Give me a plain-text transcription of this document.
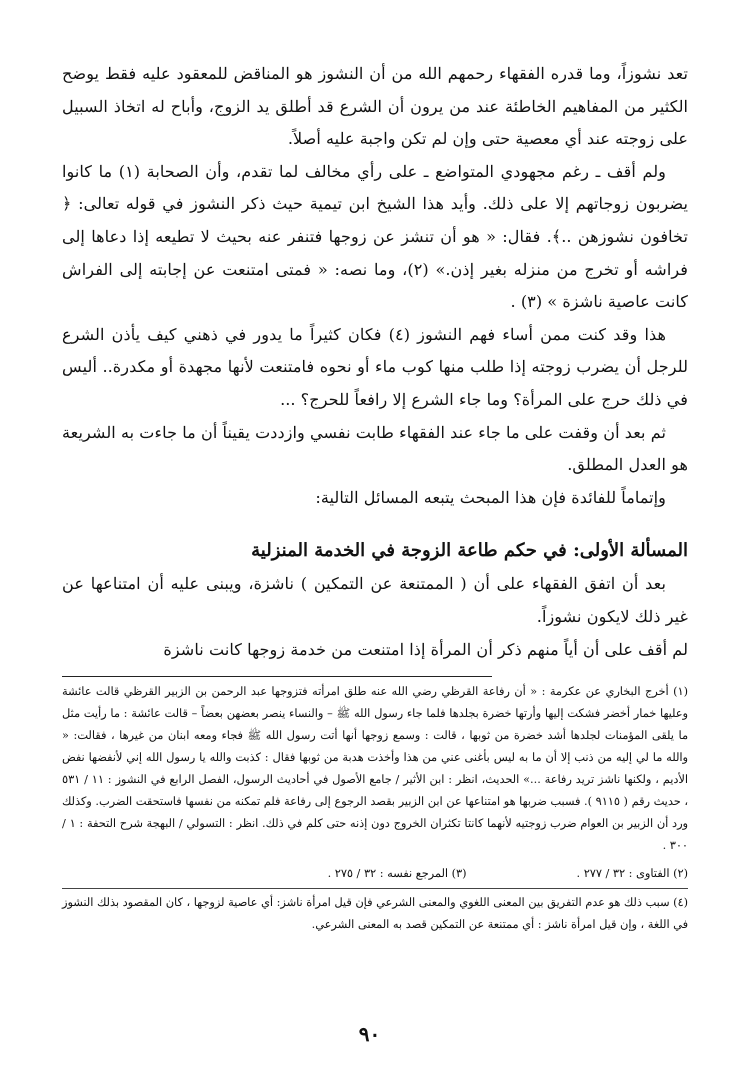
تعد نشوزاً، وما قدره الفقهاء رحمهم الله من أن النشوز هو المناقض للمعقود عليه فقط يوضح الكثير من المفاهيم الخاطئة عند من يرون أن الشرع قد أطلق يد الزوج، وأباح له اتخاذ السبيل على زوجته عند أي معصية حتى وإن لم تكن واجبة عليه أصلاً.

ولم أقف ـ رغم مجهودي المتواضع ـ على رأي مخالف لما تقدم، وأن الصحابة (١) ما كانوا يضربون زوجاتهم إلا على ذلك. وأيد هذا الشيخ ابن تيمية حيث ذكر النشوز في قوله تعالى: ﴿ تخافون نشوزهن ..﴾. فقال: « هو أن تنشز عن زوجها فتنفر عنه بحيث لا تطيعه إذا دعاها إلى فراشه أو تخرج من منزله بغير إذن.» (٢)، وما نصه: « فمتى امتنعت عن إجابته إلى الفراش كانت عاصية ناشزة » (٣) .

هذا وقد كنت ممن أساء فهم النشوز (٤) فكان كثيراً ما يدور في ذهني كيف يأذن الشرع للرجل أن يضرب زوجته إذا طلب منها كوب ماء أو نحوه فامتنعت لأنها مجهدة أو مكدرة.. أليس في ذلك حرج على المرأة؟ وما جاء الشرع إلا رافعاً للحرج؟ ...

ثم بعد أن وقفت على ما جاء عند الفقهاء طابت نفسي وازددت يقيناً أن ما جاءت به الشريعة هو العدل المطلق.

وإتماماً للفائدة فإن هذا المبحث يتبعه المسائل التالية:

المسألة الأولى: في حكم طاعة الزوجة في الخدمة المنزلية

بعد أن اتفق الفقهاء على أن ( الممتنعة عن التمكين ) ناشزة، ويبنى عليه أن امتناعها عن غير ذلك لايكون نشوزاً.

لم أقف على أن أياً منهم ذكر أن المرأة إذا امتنعت من خدمة زوجها كانت ناشزة

(١) أخرج البخاري عن عكرمة : « أن رفاعة القرظي رضي الله عنه طلق امرأته فتزوجها عبد الرحمن بن الزبير القرظي قالت عائشة وعليها خمار أخضر فشكت إليها وأرتها خضرة بجلدها فلما جاء رسول الله ﷺ – والنساء ينصر بعضهن بعضاً – قالت عائشة : ما رأيت مثل ما يلقى المؤمنات لجلدها أشد خضرة من ثوبها ، قالت : وسمع زوجها أنها أتت رسول الله ﷺ فجاء ومعه ابنان من غيرها ، فقالت: « والله ما لي إليه من ذنب إلا أن ما به ليس بأغنى عني من هذا وأخذت هدبة من ثوبها فقال : كذبت والله يا رسول الله إني لأنفضها نفض الأديم ، ولكنها ناشز تريد رفاعة ...» الحديث، انظر : ابن الأثير / جامع الأصول في أحاديث الرسول، الفصل الرابع في النشوز : ١١ / ٥٣١ ، حديث رقم ( ٩١١٥ ). فسبب ضربها هو امتناعها عن ابن الزبير بقصد الرجوع إلى رفاعة فلم تمكنه من نفسها فاستحقت الضرب. وكذلك ورد أن الزبير بن العوام ضرب زوجتيه لأنهما كانتا تكثران الخروج دون إذنه حتى كلم في ذلك. انظر : التسولي / البهجة شرح التحفة : ١ / ٣٠٠ .

(٢) الفتاوى : ٣٢ / ٢٧٧ .
(٣) المرجع نفسه : ٣٢ / ٢٧٥ .

(٤) سبب ذلك هو عدم التفريق بين المعنى اللغوي والمعنى الشرعي فإن قيل امرأة ناشز: أي عاصية لزوجها ، كان المقصود بذلك النشوز في اللغة ، وإن قيل امرأة ناشز : أي ممتنعة عن التمكين قصد به المعنى الشرعي.

٩٠
